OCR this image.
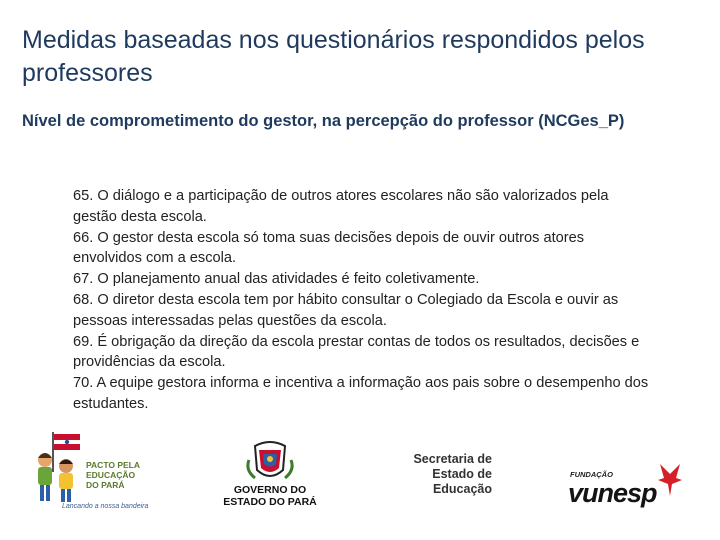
Medidas baseadas nos questionários respondidos pelos professores
Nível de comprometimento do gestor, na percepção do professor (NCGes_P)
65. O diálogo e a participação de outros atores escolares não são valorizados pela gestão desta escola.
66. O gestor desta escola só toma suas decisões depois de ouvir outros atores envolvidos com a escola.
67. O planejamento anual das atividades é feito coletivamente.
68. O diretor desta escola tem por hábito consultar o Colegiado da Escola e ouvir as pessoas interessadas pelas questões da escola.
69. É obrigação da direção da escola prestar contas de todos os resultados, decisões e providências da escola.
70. A equipe gestora informa e incentiva a informação aos pais sobre o desempenho dos estudantes.
PACTO PELA
EDUCAÇÃO
DO PARÁ
Lancando a nossa bandeira
GOVERNO DO
ESTADO DO PARÁ
Secretaria de
Estado de
Educação
FUNDAÇÃO
vunesp
